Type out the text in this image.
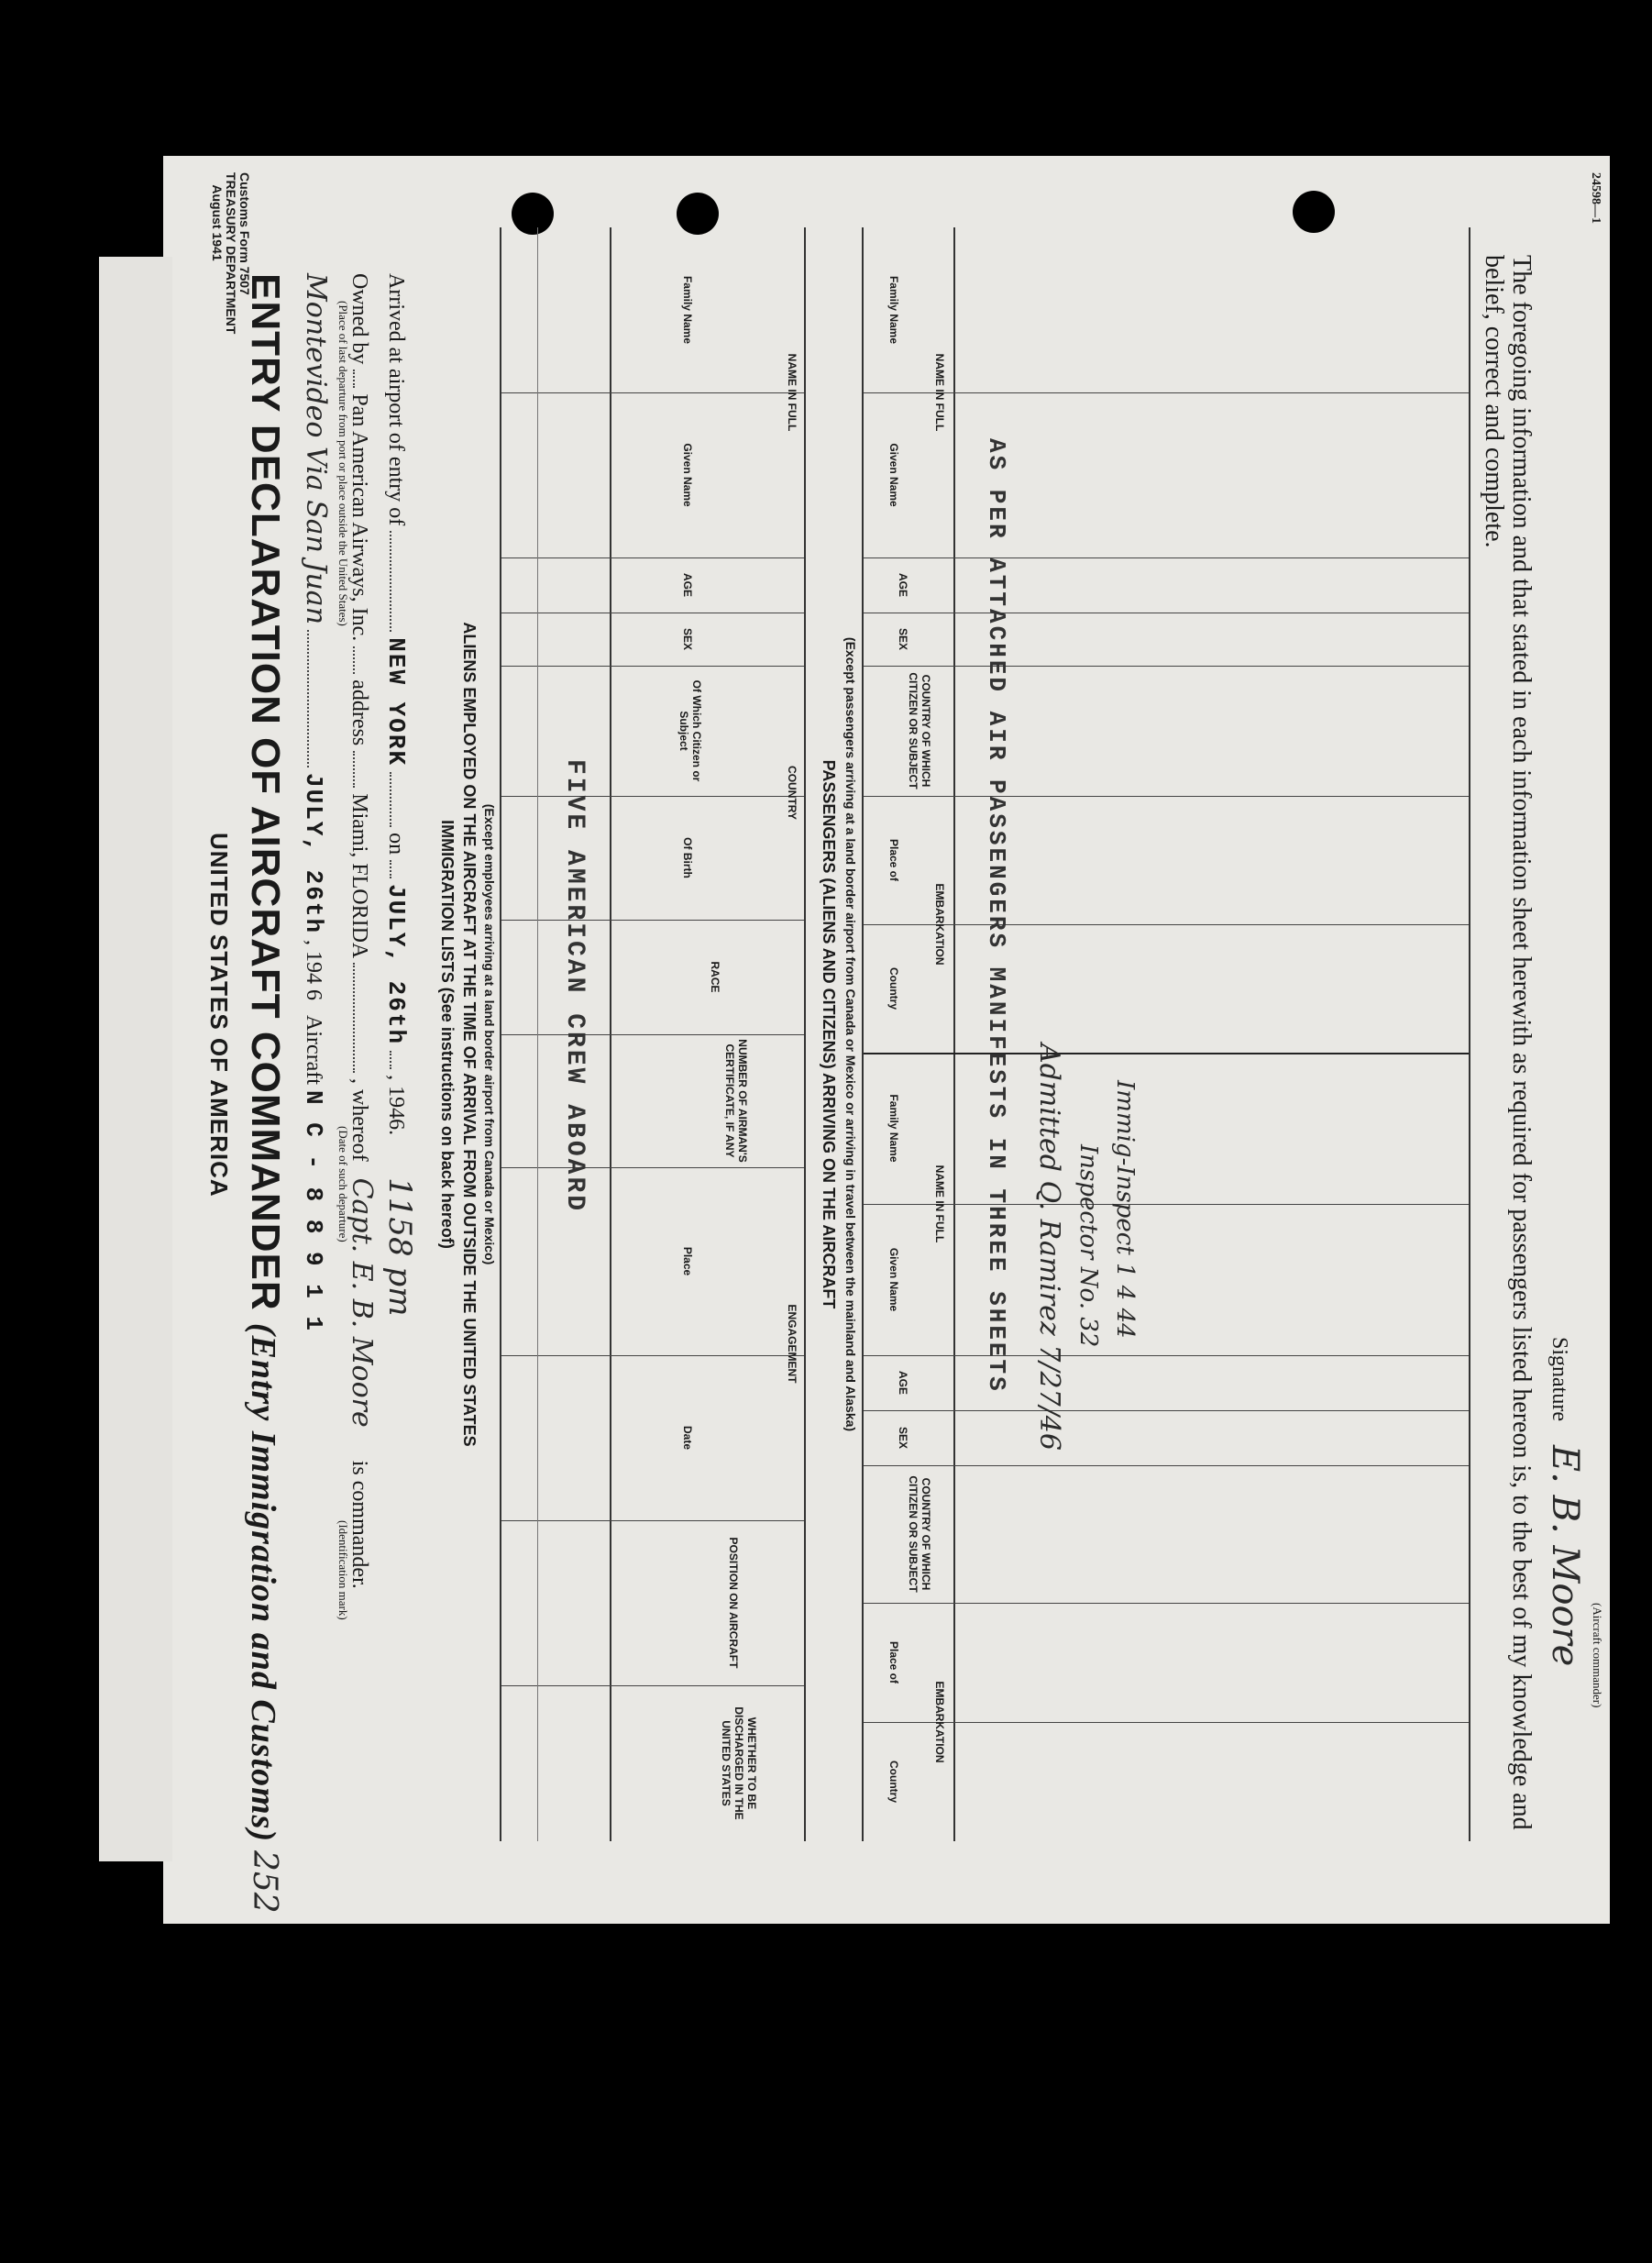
Customs Form 7507
TREASURY DEPARTMENT
August 1941
UNITED STATES OF AMERICA ENTRY DECLARATION OF AIRCRAFT COMMANDER (Entry Immigration and Customs)
252
Montevideo Via San Juan  JULY, 26th , 194 6 Aircraft N C - 8 8 9 1 1
(Place of last departure from port or place outside the United States)
(Date of such departure)
(Identification mark)
Owned by  Pan American Airways, Inc.  address  Miami, FLORIDA  , whereof Capt. E. B. Moore is commander.
Arrived at airport of entry of  NEW YORK  on  JULY, 26th  , 1946. 1158 pm IMMIGRATION LISTS (See instructions on back hereof) ALIENS EMPLOYED ON THE AIRCRAFT AT THE TIME OF ARRIVAL FROM OUTSIDE THE UNITED STATES (Except employees arriving at a land border airport from Canada or Mexico)
NAME IN FULL
Family Name
Given Name
AGE
SEX
COUNTRY
Of Which Citizen or Subject
Of Birth
RACE
NUMBER OF AIRMAN'S CERTIFICATE, IF ANY
ENGAGEMENT
Place
Date
POSITION ON AIRCRAFT
WHETHER TO BE DISCHARGED IN THE UNITED STATES
FIVE AMERICAN CREW ABOARD	PASSENGERS (ALIENS AND CITIZENS) ARRIVING ON THE AIRCRAFT (Except passengers arriving at a land border airport from Canada or Mexico or arriving in travel between the mainland and Alaska)
NAME IN FULL
Family Name
Given Name
AGE
SEX
COUNTRY OF WHICH CITIZEN OR SUBJECT
EMBARKATION
Place of
Country
NAME IN FULL
Family Name
Given Name
AGE
SEX
COUNTRY OF WHICH CITIZEN OR SUBJECT
EMBARKATION
Place of
Country
AS PER ATTACHED AIR PASSENGERS MANIFESTS IN THREE SHEETS Admitted Q. Ramirez 7/27/46 Inspector No. 32 Immig-Inspect 1 4 44	The foregoing information and that stated in each information sheet herewith as required for passengers listed hereon is, to the best of my knowledge and belief, correct and complete.
Signature E. B. Moore (Aircraft commander)
24598—1
